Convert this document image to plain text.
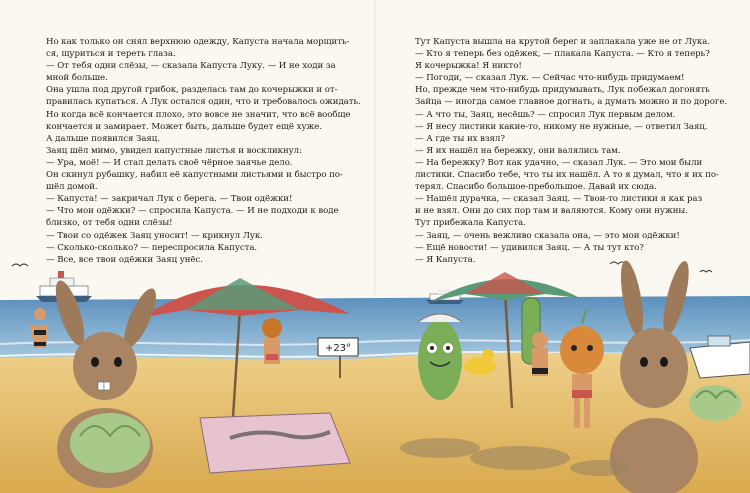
Но как только он снял верхнюю одежду, Капуста начала морщить-

ся, щуриться и тереть глаза.

— От тебя одни слёзы, — сказала Капуста Луку. — И не ходи за

мной больше.

Она ушла под другой грибок, разделась там до кочерыжки и от-

правилась купаться. А Лук остался один, что и требовалось ожидать.

Но когда всё кончается плохо, это вовсе не значит, что всё вообще

кончается и замирает. Может быть, дальше будет ещё хуже.

А дальше появился Заяц.

Заяц шёл мимо, увидел капустные листья и воскликнул:

— Ура, моё! — И стал делать своё чёрное заячье дело.

Он скинул рубашку, набил её капустными листьями и быстро по-

шёл домой.

— Капуста! — закричал Лук с берега. — Твои одёжки!

— Что мои одёжки? — спросила Капуста. — И не подходи к воде

близко, от тебя одни слёзы!

— Твои со одёжек Заяц уносит! — крикнул Лук.

— Сколько-сколько? — переспросила Капуста.

— Все, все твои одёжки Заяц унёс.

Тут Капуста вышла на крутой берег и заплакала уже не от Лука.

— Кто я теперь без одёжек, — плакала Капуста. — Кто я теперь?

Я кочерыжка! Я никто!

— Погоди, — сказал Лук. — Сейчас что-нибудь придумаем!

Но, прежде чем что-нибудь придумывать, Лук побежал догонять

Зайца — иногда самое главное догнать, а думать можно и по дороге.

— А что ты, Заяц, несёшь? — спросил Лук первым делом.

— Я несу листики какие-то, никому не нужные, — ответил Заяц.

— А где ты их взял?

— Я их нашёл на бережку, они валялись там.

— На бережку? Вот как удачно, — сказал Лук. — Это мои были

листики. Спасибо тебе, что ты их нашёл. А то я думал, что я их по-

терял. Спасибо большое-пребольшое. Давай их сюда.

— Нашёл дурачка, — сказал Заяц. — Твои-то листики я как раз

и не взял. Они до сих пор там и валяются. Кому они нужны.

Тут прибежала Капуста.

— Заяц, — очень вежливо сказала она, — это мои одёжки!

— Ещё новости! — удивился Заяц. — А ты тут кто?

— Я Капуста.

+23°
